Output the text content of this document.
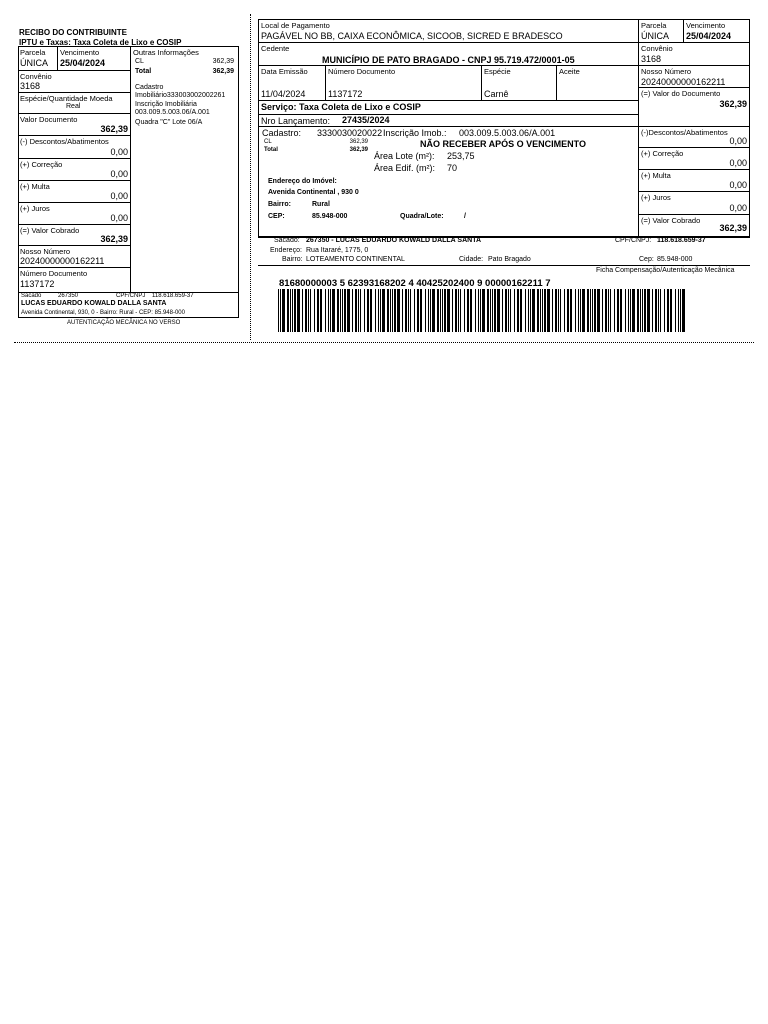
RECIBO DO CONTRIBUINTE
IPTU e Taxas: Taxa Coleta de Lixo e COSIP
Parcela
ÚNICA
Vencimento
25/04/2024
Convênio
3168
Espécie/Quantidade Moeda
Real
Valor Documento
362,39
(-) Descontos/Abatimentos
0,00
(+) Correção
0,00
(+) Multa
0,00
(+) Juros
0,00
(=) Valor Cobrado
362,39
Nosso Número
20240000000162211
Número Documento
1137172
Outras Informações
CL	362,39
Total	362,39
Cadastro
Imobiliário333003002002261
Inscrição Imobiliária
003.009.5.003.06/A.001
Quadra "C" Lote 06/A
Sacado	267350	CPF/CNPJ 118.618.659-37
LUCAS EDUARDO KOWALD DALLA SANTA
Avenida Continental, 930, 0 - Bairro: Rural - CEP: 85.948-000
AUTENTICAÇÃO MECÂNICA NO VERSO
Local de Pagamento
PAGÁVEL NO BB, CAIXA ECONÔMICA, SICOOB, SICRED E BRADESCO
Parcela
ÚNICA
Vencimento
25/04/2024
Cedente
MUNICÍPIO DE PATO BRAGADO - CNPJ 95.719.472/0001-05
Convênio
3168
Data Emissão
11/04/2024
Número Documento
1137172
Espécie
Carnê
Aceite	Nosso Número
20240000000162211
(=) Valor do Documento
362,39
Serviço: Taxa Coleta de Lixo e COSIP
Nro Lançamento: 27435/2024
Cadastro: 3330030020022 Inscrição Imob.: 003.009.5.003.06/A.001
CL	362,39
Total	362,39
NÃO RECEBER APÓS O VENCIMENTO
Área Lote (m²): 253,75
Área Edif. (m²): 70
Endereço do Imóvel:
Avenida Continental , 930 0
Bairro:	Rural
CEP:	85.948-000	Quadra/Lote:	/
(-)Descontos/Abatimentos
0,00
(+) Correção
0,00
(+) Multa
0,00
(+) Juros
0,00
(=) Valor Cobrado
362,39
Sacado: 267350 - LUCAS EDUARDO KOWALD DALLA SANTA	CPF/CNPJ: 118.618.659-37
Endereço: Rua Itararé, 1775, 0
Bairro: LOTEAMENTO CONTINENTAL	Cidade: Pato Bragado	Cep: 85.948-000
Ficha Compensação/Autenticação Mecânica
81680000003 5 62393168202 4 40425202400 9 00000162211 7
